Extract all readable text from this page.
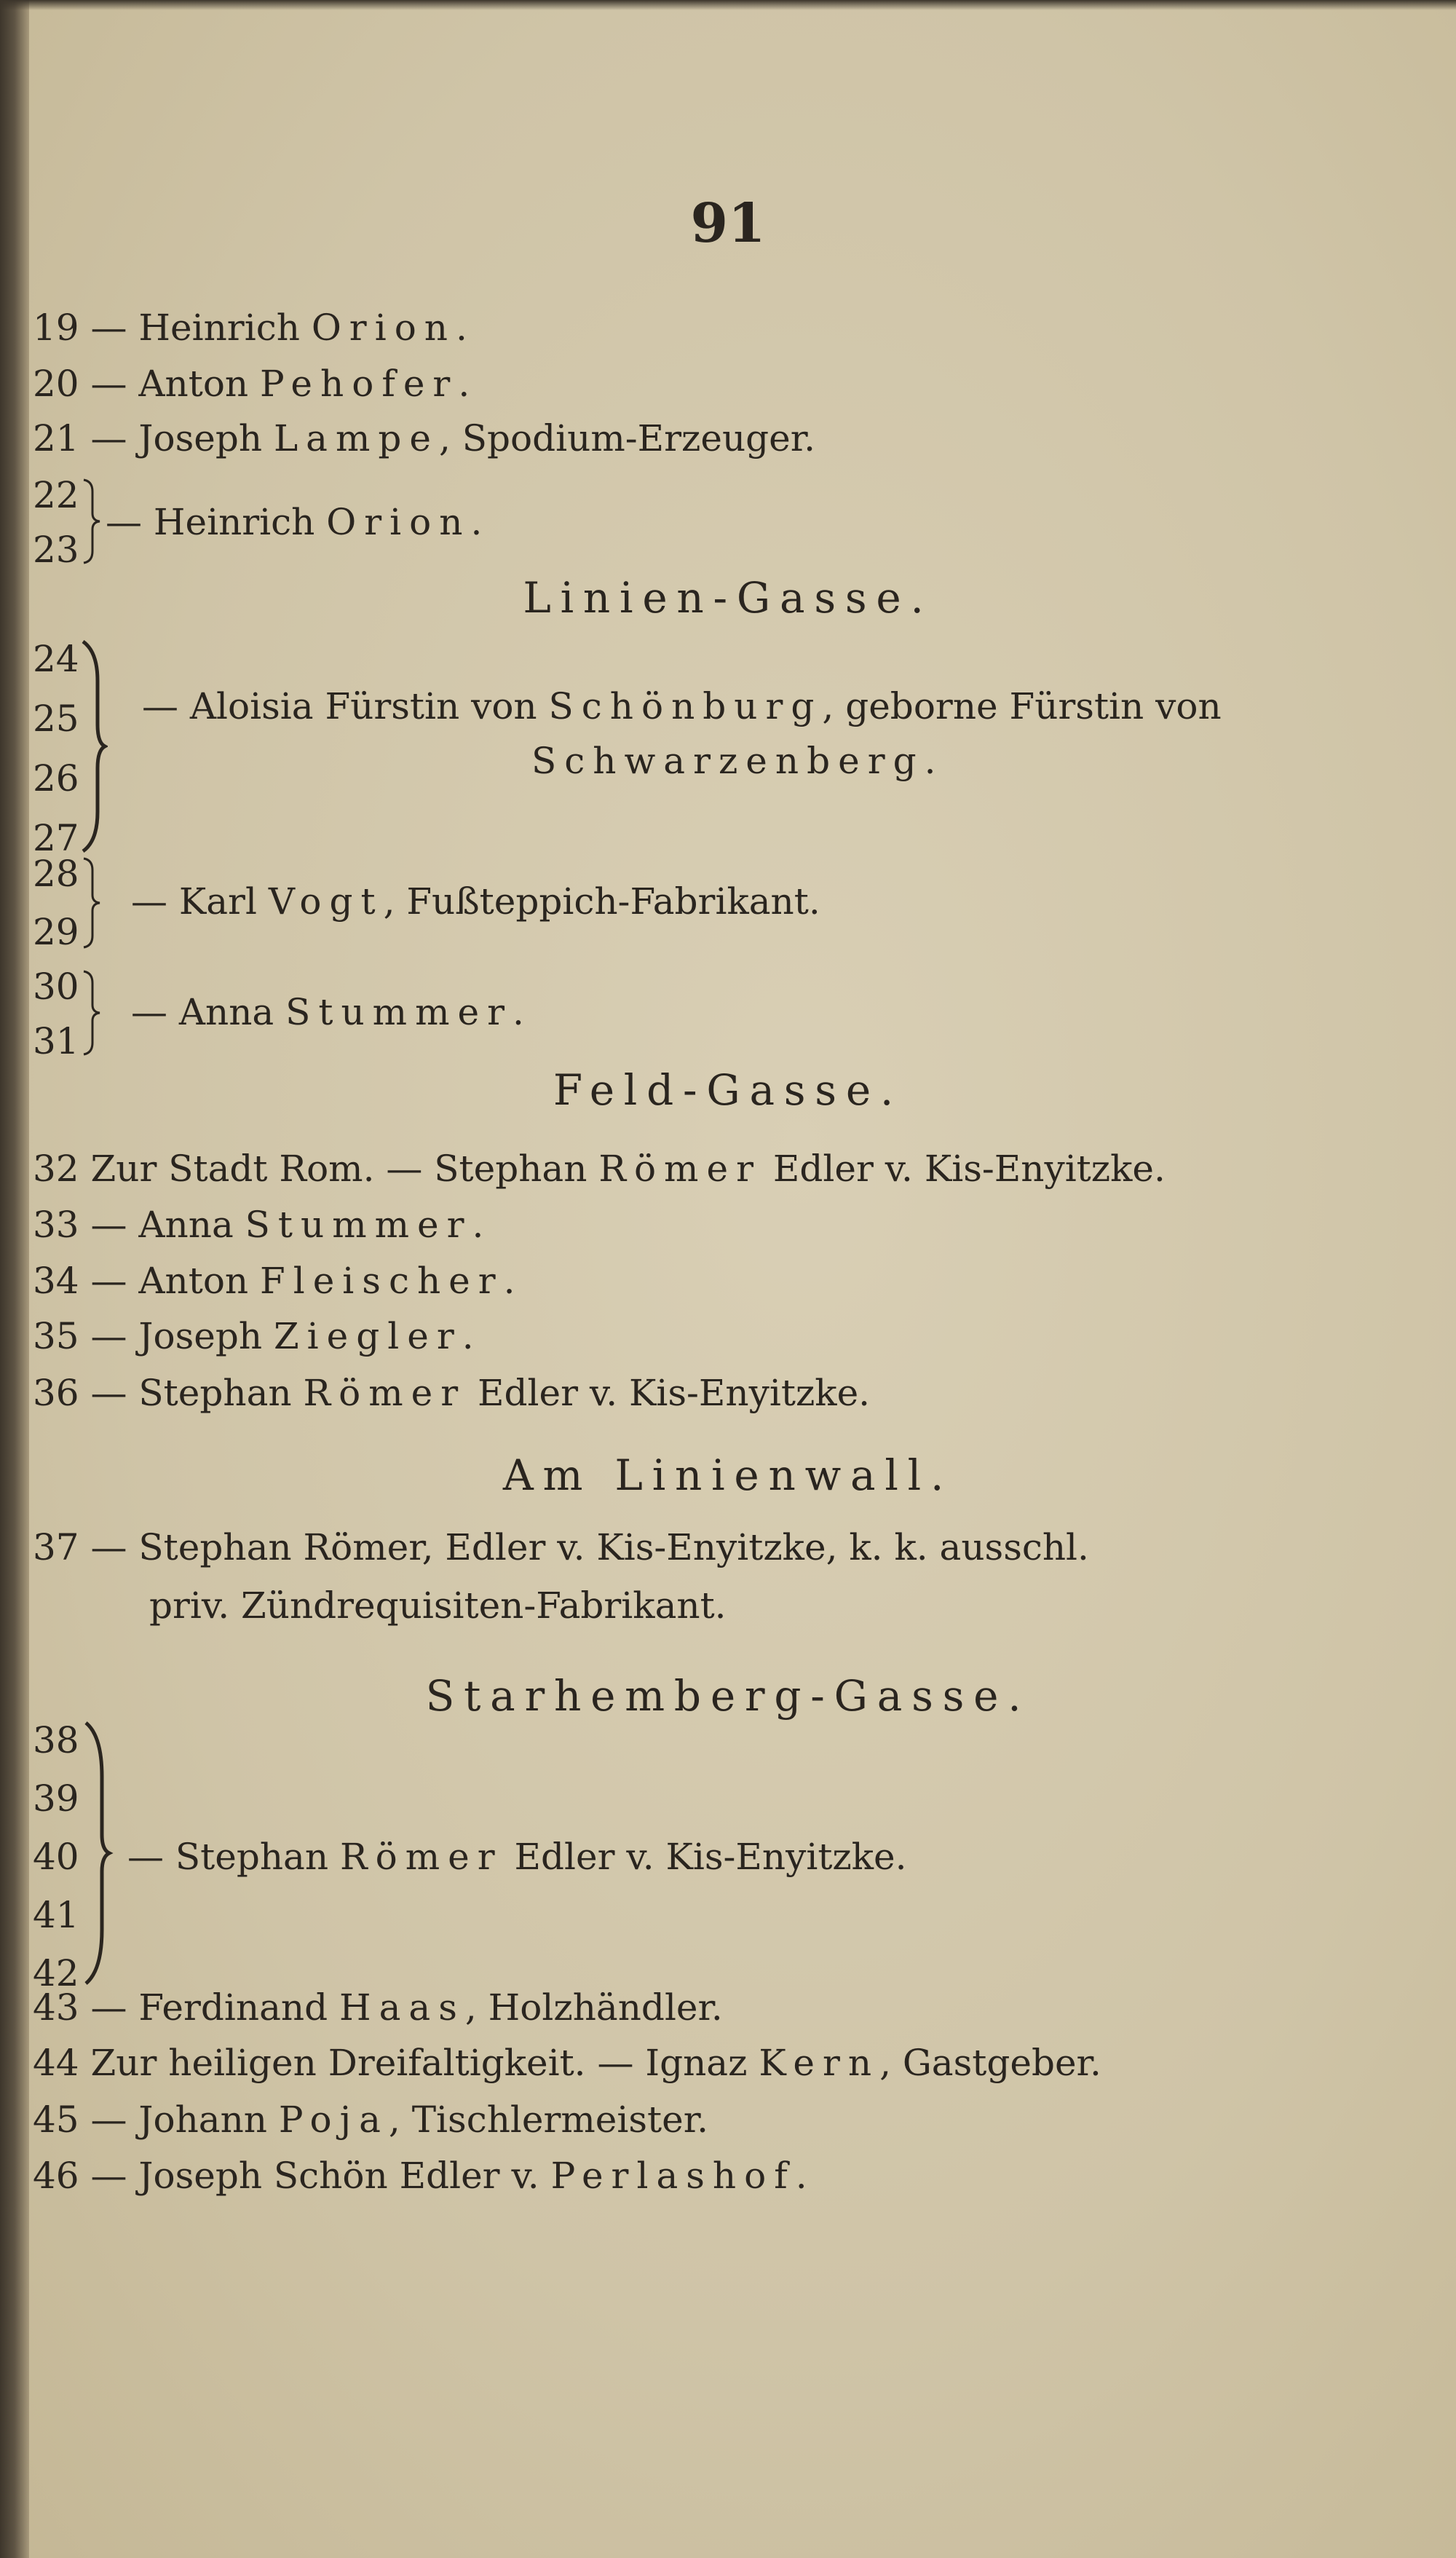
91
19 — Heinrich Orion.
20 — Anton Pehofer.
21 — Joseph Lampe, Spodium-Erzeuger.
22
23
— Heinrich Orion.
Linien-Gasse.
24
25
26
27
— Aloisia Fürstin von Schönburg, geborne Fürstin von
Schwarzenberg.
28
29
— Karl Vogt, Fußteppich-Fabrikant.
30
31
— Anna Stummer.
Feld-Gasse.
32 Zur Stadt Rom. — Stephan Römer Edler v. Kis-Enyitzke.
33 — Anna Stummer.
34 — Anton Fleischer.
35 — Joseph Ziegler.
36 — Stephan Römer Edler v. Kis-Enyitzke.
Am Linienwall.
37 — Stephan Römer, Edler v. Kis-Enyitzke, k. k. ausschl.
priv. Zündrequisiten-Fabrikant.
Starhemberg-Gasse.
38
39
40
41
42
— Stephan Römer Edler v. Kis-Enyitzke.
43 — Ferdinand Haas, Holzhändler.
44 Zur heiligen Dreifaltigkeit. — Ignaz Kern, Gastgeber.
45 — Johann Poja, Tischlermeister.
46 — Joseph Schön Edler v. Perlashof.
